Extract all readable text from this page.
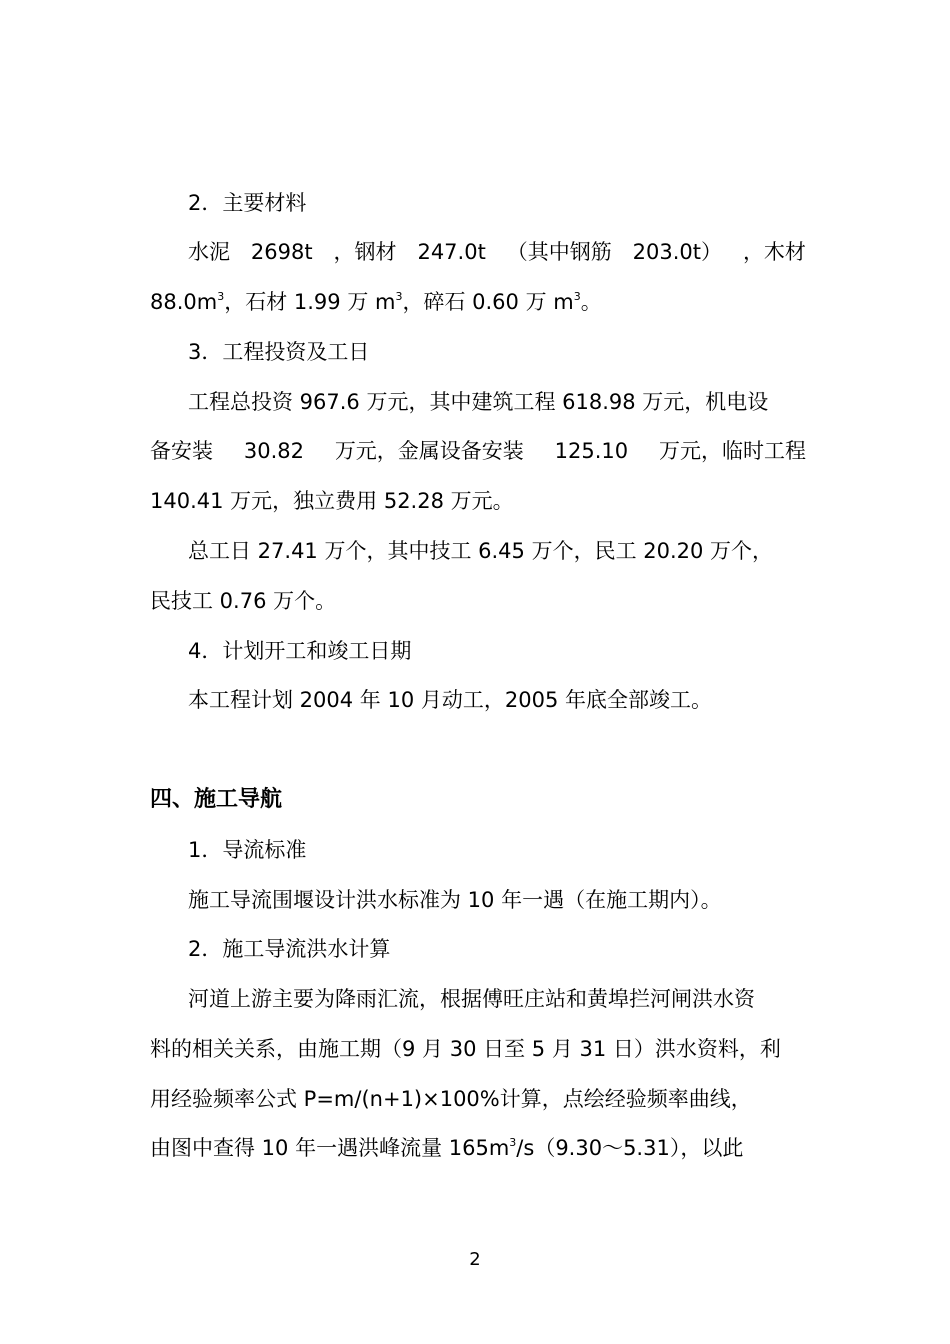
2．主要材料
水泥 2698t ，钢材 247.0t （其中钢筋 203.0t） ，木材
$88.0m^3$，石材 1.99 万 $m^3$，碎石 0.60 万 $m^3$。
3．工程投资及工日
工程总投资 967.6 万元，其中建筑工程 618.98 万元，机电设
备安装 30.82 万元，金属设备安装 125.10 万元，临时工程
140.41 万元，独立费用 52.28 万元。
总工日 27.41 万个，其中技工 6.45 万个，民工 20.20 万个，
民技工 0.76 万个。
4．计划开工和竣工日期
本工程计划 2004 年 10 月动工，2005 年底全部竣工。
四、施工导航
1．导流标准
施工导流围堰设计洪水标准为 10 年一遇（在施工期内）。
2．施工导流洪水计算
河道上游主要为降雨汇流，根据傅旺庄站和黄埠拦河闸洪水资
料的相关关系，由施工期（9 月 30 日至 5 月 31 日）洪水资料，利
用经验频率公式 P=m/(n+1)×100%计算，点绘经验频率曲线，
由图中查得 10 年一遇洪峰流量 $165m^3/s(9.30\sim 5.31)$，以此
2
